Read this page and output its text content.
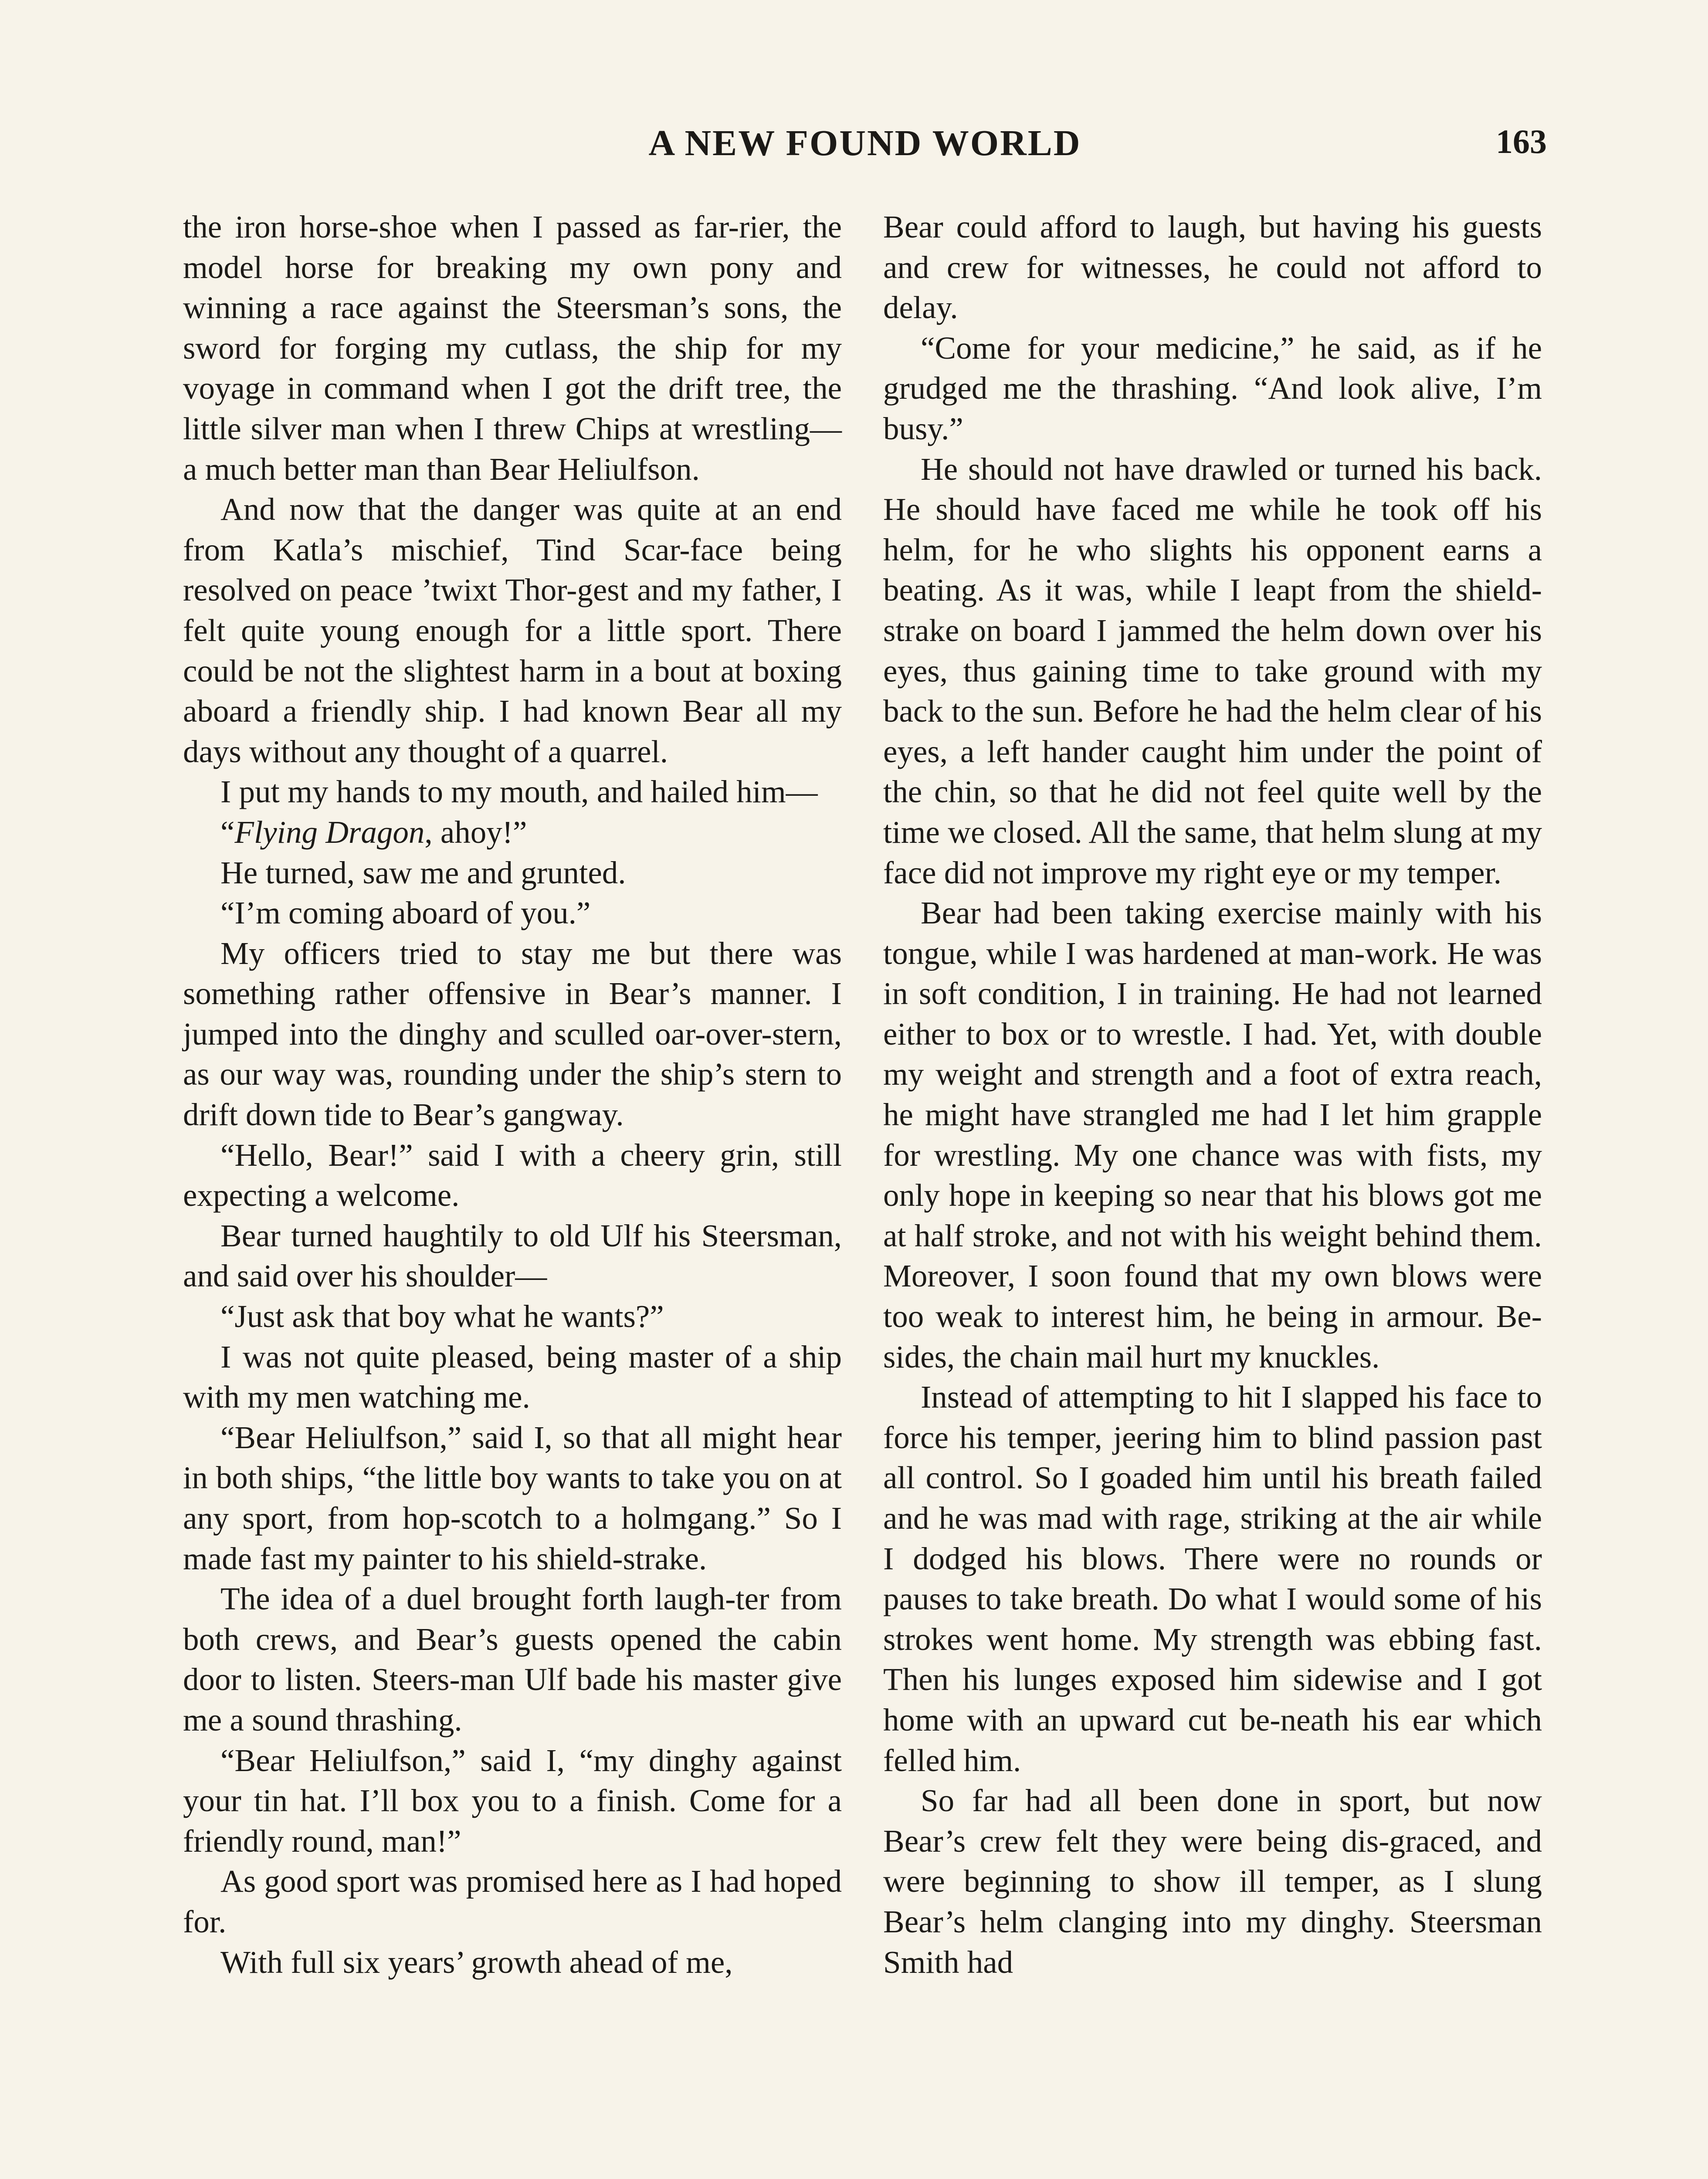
A NEW FOUND WORLD	163

the iron horse-shoe when I passed as far-rier, the model horse for breaking my own pony and winning a race against the Steersman’s sons, the sword for forging my cutlass, the ship for my voyage in command when I got the drift tree, the little silver man when I threw Chips at wrestling—a much better man than Bear Heliulfson.

And now that the danger was quite at an end from Katla’s mischief, Tind Scar-face being resolved on peace ’twixt Thor-gest and my father, I felt quite young enough for a little sport. There could be not the slightest harm in a bout at boxing aboard a friendly ship. I had known Bear all my days without any thought of a quarrel.

I put my hands to my mouth, and hailed him—

“Flying Dragon, ahoy!”

He turned, saw me and grunted.

“I’m coming aboard of you.”

My officers tried to stay me but there was something rather offensive in Bear’s manner. I jumped into the dinghy and sculled oar-over-stern, as our way was, rounding under the ship’s stern to drift down tide to Bear’s gangway.

“Hello, Bear!” said I with a cheery grin, still expecting a welcome.

Bear turned haughtily to old Ulf his Steersman, and said over his shoulder—

“Just ask that boy what he wants?”

I was not quite pleased, being master of a ship with my men watching me.

“Bear Heliulfson,” said I, so that all might hear in both ships, “the little boy wants to take you on at any sport, from hop-scotch to a holmgang.” So I made fast my painter to his shield-strake.

The idea of a duel brought forth laugh-ter from both crews, and Bear’s guests opened the cabin door to listen. Steers-man Ulf bade his master give me a sound thrashing.

“Bear Heliulfson,” said I, “my dinghy against your tin hat. I’ll box you to a finish. Come for a friendly round, man!”

As good sport was promised here as I had hoped for.

With full six years’ growth ahead of me,

Bear could afford to laugh, but having his guests and crew for witnesses, he could not afford to delay.

“Come for your medicine,” he said, as if he grudged me the thrashing. “And look alive, I’m busy.”

He should not have drawled or turned his back. He should have faced me while he took off his helm, for he who slights his opponent earns a beating. As it was, while I leapt from the shield-strake on board I jammed the helm down over his eyes, thus gaining time to take ground with my back to the sun. Before he had the helm clear of his eyes, a left hander caught him under the point of the chin, so that he did not feel quite well by the time we closed. All the same, that helm slung at my face did not improve my right eye or my temper.

Bear had been taking exercise mainly with his tongue, while I was hardened at man-work. He was in soft condition, I in training. He had not learned either to box or to wrestle. I had. Yet, with double my weight and strength and a foot of extra reach, he might have strangled me had I let him grapple for wrestling. My one chance was with fists, my only hope in keeping so near that his blows got me at half stroke, and not with his weight behind them. Moreover, I soon found that my own blows were too weak to interest him, he being in armour. Be-sides, the chain mail hurt my knuckles.

Instead of attempting to hit I slapped his face to force his temper, jeering him to blind passion past all control. So I goaded him until his breath failed and he was mad with rage, striking at the air while I dodged his blows. There were no rounds or pauses to take breath. Do what I would some of his strokes went home. My strength was ebbing fast. Then his lunges exposed him sidewise and I got home with an upward cut be-neath his ear which felled him.

So far had all been done in sport, but now Bear’s crew felt they were being dis-graced, and were beginning to show ill temper, as I slung Bear’s helm clanging into my dinghy. Steersman Smith had
